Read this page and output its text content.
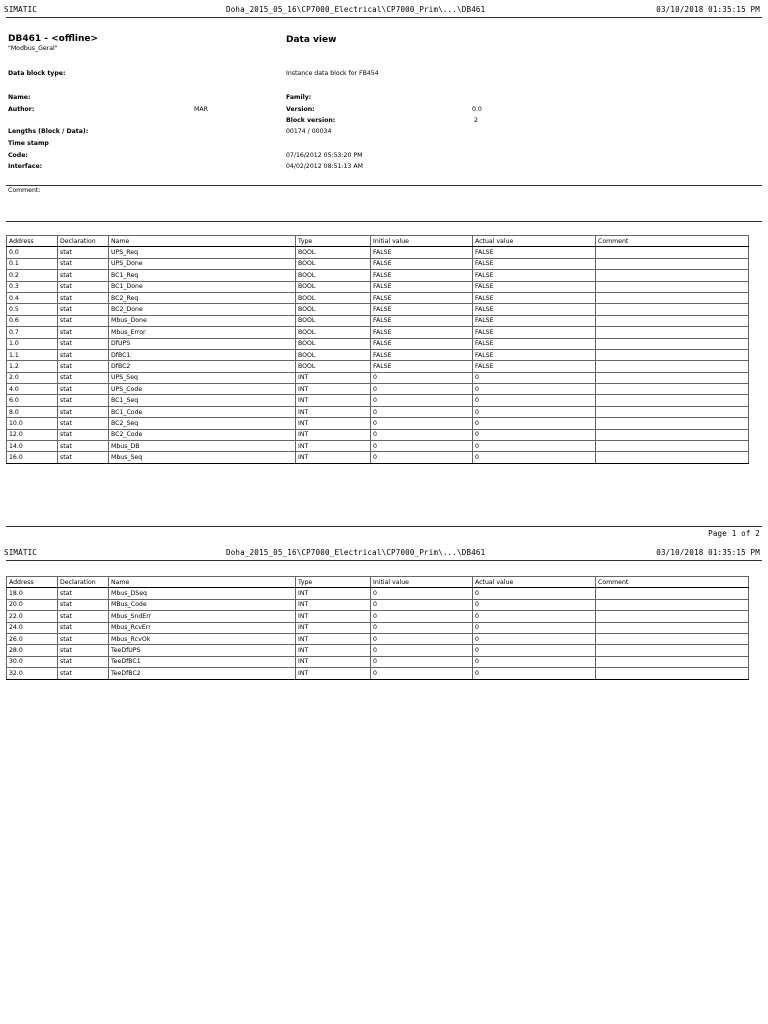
SIMATIC	Doha_2015_05_16\CP7000_Electrical\CP7000_Prim\...\DB461	03/10/2018 01:35:15 PM
DB461 - <offline>
"Modbus_Geral"
Data view
Data block type:	Instance data block for FB454
Name:	Family:
Author:	MAR	Version:	0.0
Block version:	2
Lengths (Block / Data):	00174 / 00034
Time stamp
Code:	07/16/2012 05:53:20 PM
Interface:	04/02/2012 08:51:13 AM
Comment:
Address	Declaration	Name	Type	Initial value	Actual value	Comment
0.0	stat	UPS_Req	BOOL	FALSE	FALSE	
0.1	stat	UPS_Done	BOOL	FALSE	FALSE	
0.2	stat	BC1_Req	BOOL	FALSE	FALSE	
0.3	stat	BC1_Done	BOOL	FALSE	FALSE	
0.4	stat	BC2_Req	BOOL	FALSE	FALSE	
0.5	stat	BC2_Done	BOOL	FALSE	FALSE	
0.6	stat	Mbus_Done	BOOL	FALSE	FALSE	
0.7	stat	Mbus_Error	BOOL	FALSE	FALSE	
1.0	stat	DfUPS	BOOL	FALSE	FALSE	
1.1	stat	DfBC1	BOOL	FALSE	FALSE	
1.2	stat	DfBC2	BOOL	FALSE	FALSE	
2.0	stat	UPS_Seq	INT	0	0	
4.0	stat	UPS_Code	INT	0	0	
6.0	stat	BC1_Seq	INT	0	0	
8.0	stat	BC1_Code	INT	0	0	
10.0	stat	BC2_Seq	INT	0	0	
12.0	stat	BC2_Code	INT	0	0	
14.0	stat	Mbus_DB	INT	0	0	
16.0	stat	Mbus_Seq	INT	0	0	
Page 1 of 2
SIMATIC	Doha_2015_05_16\CP7000_Electrical\CP7000_Prim\...\DB461	03/10/2018 01:35:15 PM
Address	Declaration	Name	Type	Initial value	Actual value	Comment
18.0	stat	Mbus_DSeq	INT	0	0	
20.0	stat	MBus_Code	INT	0	0	
22.0	stat	Mbus_SndErr	INT	0	0	
24.0	stat	Mbus_RcvErr	INT	0	0	
26.0	stat	Mbus_RcvOk	INT	0	0	
28.0	stat	TeeDfUPS	INT	0	0	
30.0	stat	TeeDfBC1	INT	0	0	
32.0	stat	TeeDfBC2	INT	0	0	
